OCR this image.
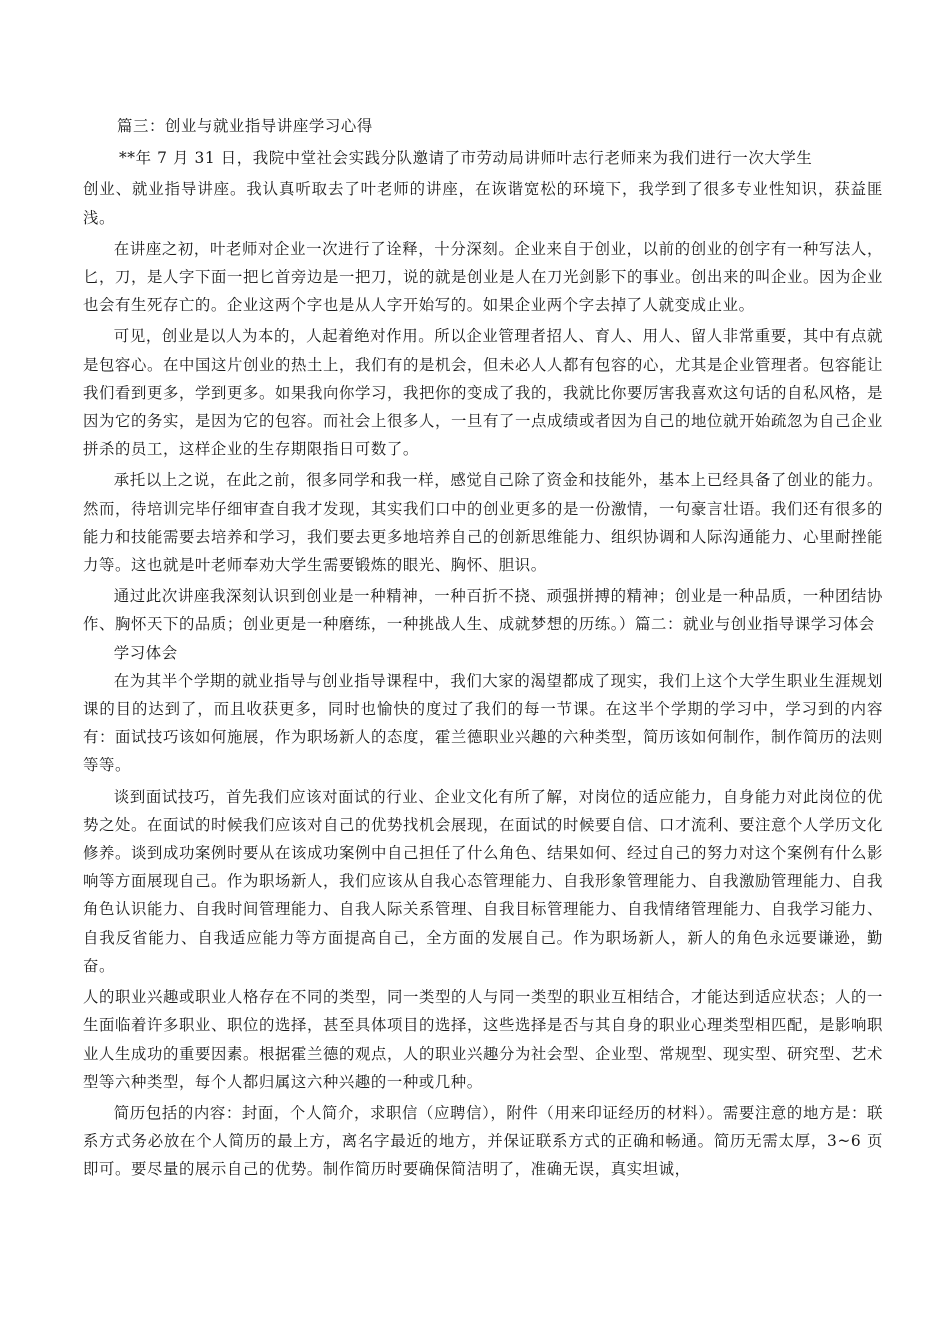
篇三：创业与就业指导讲座学习心得

**年 7 月 31 日，我院中堂社会实践分队邀请了市劳动局讲师叶志行老师来为我们进行一次大学生

创业、就业指导讲座。我认真听取去了叶老师的讲座，在诙谐宽松的环境下，我学到了很多专业性知识，获益匪浅。

在讲座之初，叶老师对企业一次进行了诠释，十分深刻。企业来自于创业，以前的创业的创字有一种写法人，匕，刀，是人字下面一把匕首旁边是一把刀，说的就是创业是人在刀光剑影下的事业。创出来的叫企业。因为企业也会有生死存亡的。企业这两个字也是从人字开始写的。如果企业两个字去掉了人就变成止业。

可见，创业是以人为本的，人起着绝对作用。所以企业管理者招人、育人、用人、留人非常重要，其中有点就是包容心。在中国这片创业的热土上，我们有的是机会，但未必人人都有包容的心，尤其是企业管理者。包容能让我们看到更多，学到更多。如果我向你学习，我把你的变成了我的，我就比你要厉害我喜欢这句话的自私风格，是因为它的务实，是因为它的包容。而社会上很多人，一旦有了一点成绩或者因为自己的地位就开始疏忽为自己企业拼杀的员工，这样企业的生存期限指日可数了。

承托以上之说，在此之前，很多同学和我一样，感觉自己除了资金和技能外，基本上已经具备了创业的能力。然而，待培训完毕仔细审查自我才发现，其实我们口中的创业更多的是一份激情，一句豪言壮语。我们还有很多的能力和技能需要去培养和学习，我们要去更多地培养自己的创新思维能力、组织协调和人际沟通能力、心里耐挫能力等。这也就是叶老师奉劝大学生需要锻炼的眼光、胸怀、胆识。

通过此次讲座我深刻认识到创业是一种精神，一种百折不挠、顽强拼搏的精神；创业是一种品质，一种团结协作、胸怀天下的品质；创业更是一种磨练，一种挑战人生、成就梦想的历练。）篇二：就业与创业指导课学习体会

学习体会

在为其半个学期的就业指导与创业指导课程中，我们大家的渴望都成了现实，我们上这个大学生职业生涯规划课的目的达到了，而且收获更多，同时也愉快的度过了我们的每一节课。在这半个学期的学习中，学习到的内容有：面试技巧该如何施展，作为职场新人的态度，霍兰德职业兴趣的六种类型，简历该如何制作，制作简历的法则等等。

谈到面试技巧，首先我们应该对面试的行业、企业文化有所了解，对岗位的适应能力，自身能力对此岗位的优势之处。在面试的时候我们应该对自己的优势找机会展现，在面试的时候要自信、口才流利、要注意个人学历文化修养。谈到成功案例时要从在该成功案例中自己担任了什么角色、结果如何、经过自己的努力对这个案例有什么影响等方面展现自己。作为职场新人，我们应该从自我心态管理能力、自我形象管理能力、自我激励管理能力、自我角色认识能力、自我时间管理能力、自我人际关系管理、自我目标管理能力、自我情绪管理能力、自我学习能力、自我反省能力、自我适应能力等方面提高自己，全方面的发展自己。作为职场新人，新人的角色永远要谦逊，勤奋。

人的职业兴趣或职业人格存在不同的类型，同一类型的人与同一类型的职业互相结合，才能达到适应状态；人的一生面临着许多职业、职位的选择，甚至具体项目的选择，这些选择是否与其自身的职业心理类型相匹配，是影响职业人生成功的重要因素。根据霍兰德的观点，人的职业兴趣分为社会型、企业型、常规型、现实型、研究型、艺术型等六种类型，每个人都归属这六种兴趣的一种或几种。

简历包括的内容：封面，个人简介，求职信（应聘信），附件（用来印证经历的材料）。需要注意的地方是：联系方式务必放在个人简历的最上方，离名字最近的地方，并保证联系方式的正确和畅通。简历无需太厚，3~6 页即可。要尽量的展示自己的优势。制作简历时要确保简洁明了，准确无误，真实坦诚，
